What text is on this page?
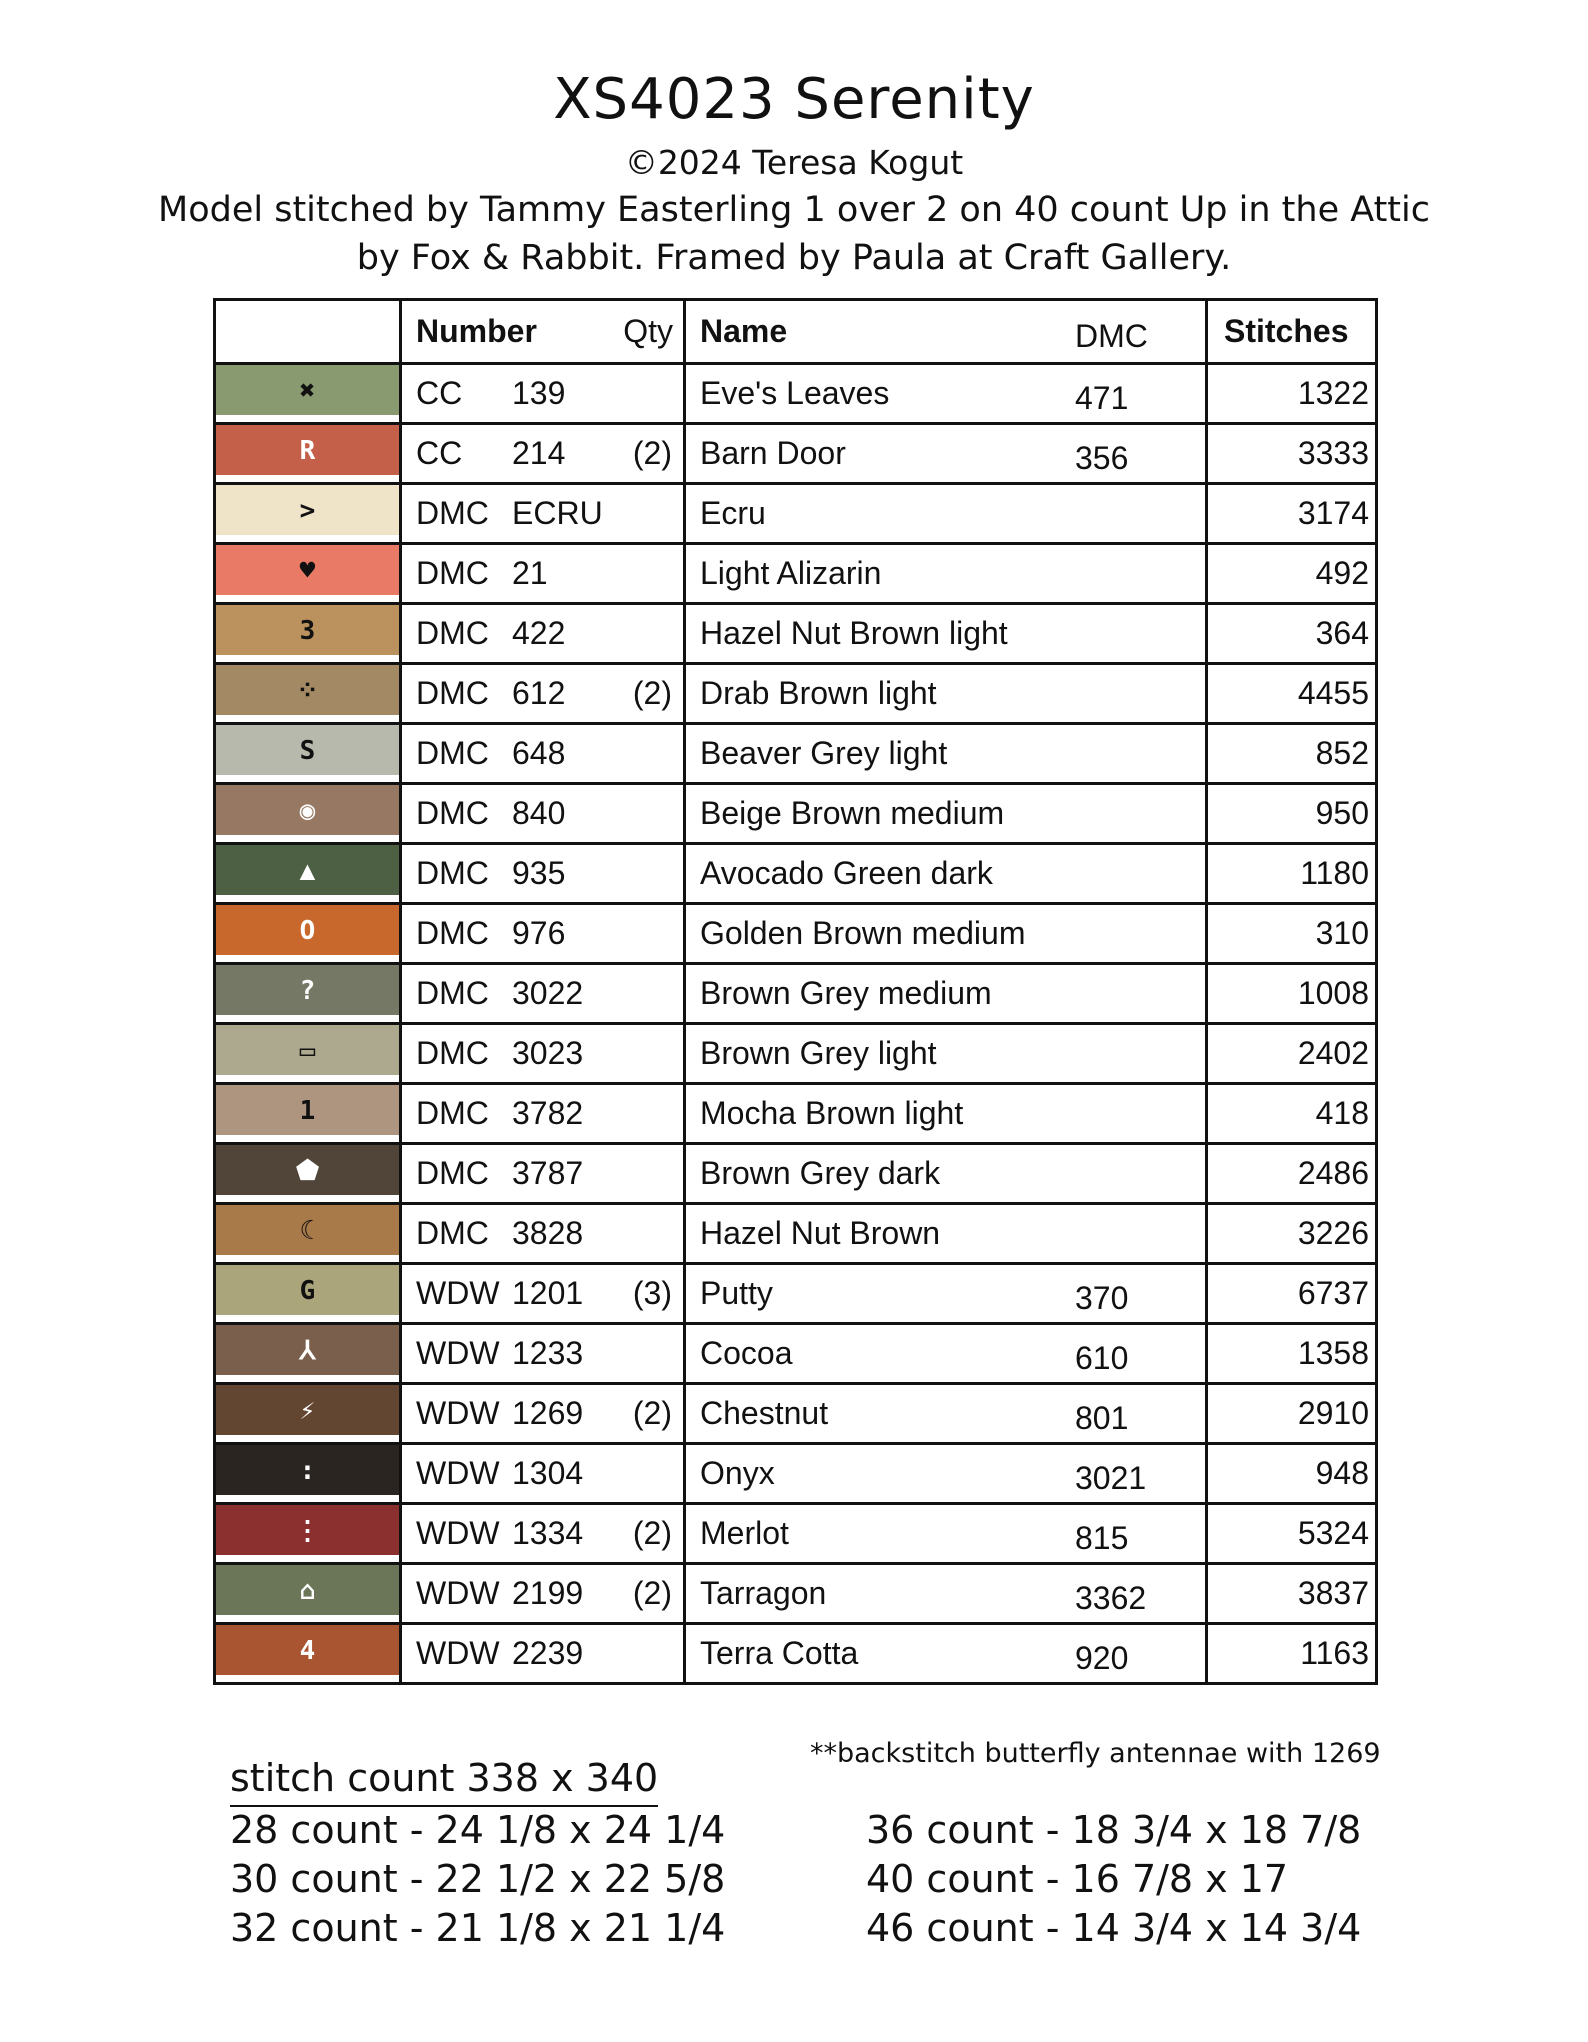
XS4023 Serenity
©2024 Teresa Kogut
Model stitched by Tammy Easterling 1 over 2 on 40 count Up in the Attic
by Fox & Rabbit. Framed by Paula at Craft Gallery.

	Number Qty	Name DMC	Stitches

✖	CC 139	Eve's Leaves 471	1322

R	CC 214 (2)	Barn Door 356	3333

>	DMC ECRU	Ecru	3174

♥	DMC 21	Light Alizarin	492

3	DMC 422	Hazel Nut Brown light	364

⁘	DMC 612 (2)	Drab Brown light	4455

S	DMC 648	Beaver Grey light	852

◉	DMC 840	Beige Brown medium	950

▲	DMC 935	Avocado Green dark	1180

O	DMC 976	Golden Brown medium	310

?	DMC 3022	Brown Grey medium	1008

▭	DMC 3023	Brown Grey light	2402

1	DMC 3782	Mocha Brown light	418

⬟	DMC 3787	Brown Grey dark	2486

☾	DMC 3828	Hazel Nut Brown	3226

G	WDW 1201 (3)	Putty 370	6737

⅄	WDW 1233	Cocoa 610	1358

⚡	WDW 1269 (2)	Chestnut 801	2910

:	WDW 1304	Onyx 3021	948

⋮	WDW 1334 (2)	Merlot 815	5324

⌂	WDW 2199 (2)	Tarragon 3362	3837

4	WDW 2239	Terra Cotta 920	1163
**backstitch butterfly antennae with 1269
stitch count 338 x 340
28 count - 24 1/8 x 24 1/4
30 count - 22 1/2 x 22 5/8
32 count - 21 1/8 x 21 1/4
36 count - 18 3/4 x 18 7/8
40 count - 16 7/8 x 17
46 count - 14 3/4 x 14 3/4
